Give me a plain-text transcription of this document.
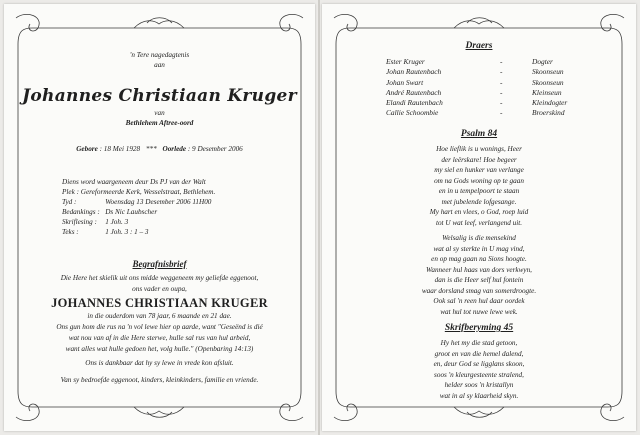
'n Tere nagedagtenis
aan
Johannes Christiaan Kruger
van
Bethlehem Aftree-oord
Gebore : 18 Mei 1928 *** Oorlede : 9 Desember 2006
Diens word waargeneem deur Ds PJ van der Walt	
Plek : Gereformeerde Kerk, Wesselstraat, Bethlehem.	
Tyd :	Woensdag 13 Desember 2006 11H00
Bedankings :	Ds Nic Laubscher
Skriflesing :	1 Joh. 3
Teks :	1 Joh. 3 : 1 – 3
Begrafnisbrief
Die Here het skielik uit ons midde weggeneem my geliefde eggenoot,
ons vader en oupa,
JOHANNES CHRISTIAAN KRUGER
in die ouderdom van 78 jaar, 6 maande en 21 dae.
Ons gun hom die rus na 'n vol lewe hier op aarde, want "Geseënd is dié
wat nou van af in die Here sterwe, hulle sal rus van hul arbeid,
want alles wat hulle gedoen het, volg hulle." (Openbaring 14:13)
Ons is dankbaar dat hy sy lewe in vrede kon afsluit.
Van sy bedroefde eggenoot, kinders, kleinkinders, familie en vriende.
Draers
Ester Kruger	-	Dogter
Johan Rautenbach	-	Skoonseun
Johan Swart	-	Skoonseun
André Rautenbach	-	Kleinseun
Elandi Rautenbach	-	Kleindogter
Callie Schoombie	-	Broerskind
Psalm 84
Hoe lieflik is u wonings, Heer
der leërskare! Hoe begeer
my siel en hunker van verlange
om na Gods woning op te gaan
en in u tempelpoort te staan
met jubelende lofgesange.
My hart en vlees, o God, roep luid
tot U wat leef, verlangend uit.
Welsalig is die mensekind
wat al sy sterkte in U mag vind,
en op mag gaan na Sions hoogte.
Wanneer hul haas van dors verkwyn,
dan is die Heer self hul fontein
waar dorsland smag van somerdroogte.
Ook sal 'n reen hul daar oordek
wat hul tot nuwe lewe wek.
Skrifberyming 45
Hy het my die stad getoon,
groot en van die hemel dalend,
en, deur God se ligglans skoon,
soos 'n kleurgesteente stralend,
helder soos 'n kristallyn
wat in al sy klaarheid skyn.
